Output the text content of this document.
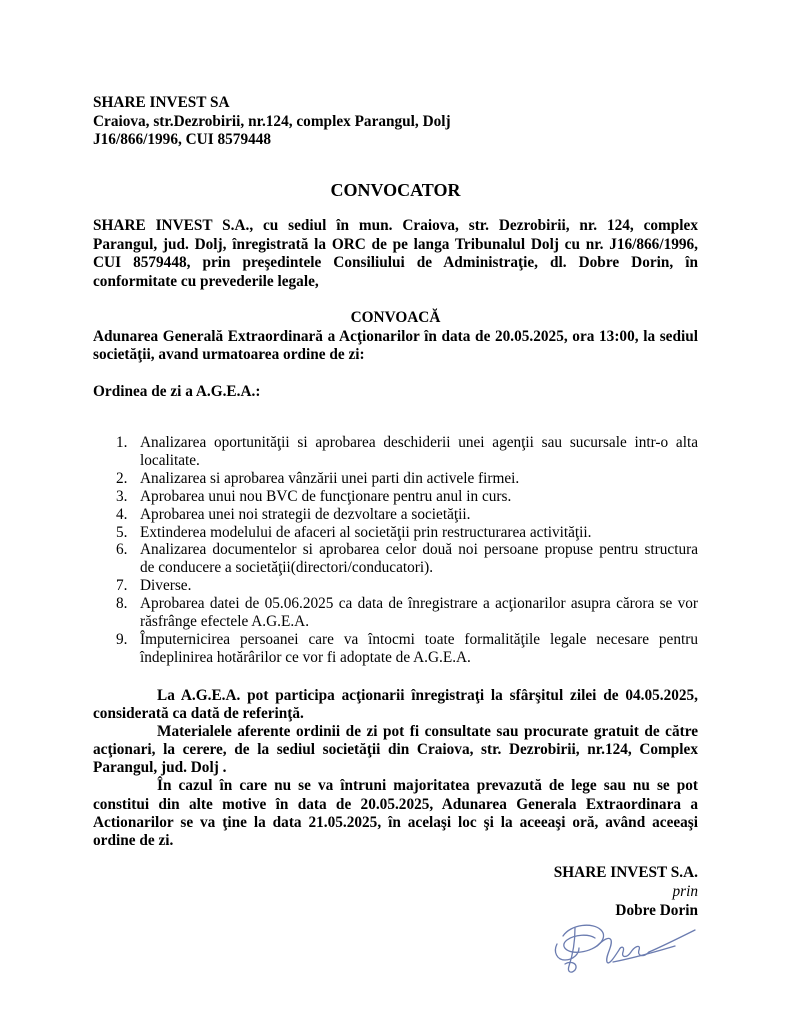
SHARE INVEST SA
Craiova, str.Dezrobirii, nr.124, complex Parangul, Dolj
J16/866/1996, CUI 8579448
CONVOCATOR
SHARE INVEST S.A., cu sediul în mun. Craiova, str. Dezrobirii, nr. 124, complex
Parangul, jud. Dolj, înregistrată la ORC de pe langa Tribunalul Dolj cu nr. J16/866/1996,
CUI 8579448, prin preşedintele Consiliului de Administraţie, dl. Dobre Dorin, în
conformitate cu prevederile legale,
CONVOACĂ
Adunarea Generală Extraordinară a Acţionarilor în data de 20.05.2025, ora 13:00, la sediul
societăţii, avand urmatoarea ordine de zi:
Ordinea de zi a A.G.E.A.:
1. Analizarea oportunităţii si aprobarea deschiderii unei agenţii sau sucursale intr-o alta
localitate.
2. Analizarea si aprobarea vânzării unei parti din activele firmei.
3. Aprobarea unui nou BVC de funcţionare pentru anul in curs.
4. Aprobarea unei noi strategii de dezvoltare a societăţii.
5. Extinderea modelului de afaceri al societăţii prin restructurarea activităţii.
6. Analizarea documentelor si aprobarea celor două noi persoane propuse pentru structura
de conducere a societăţii(directori/conducatori).
7. Diverse.
8. Aprobarea datei de 05.06.2025 ca data de înregistrare a acţionarilor asupra cărora se vor
răsfrânge efectele A.G.E.A.
9. Împuternicirea persoanei care va întocmi toate formalităţile legale necesare pentru
îndeplinirea hotărârilor ce vor fi adoptate de A.G.E.A.
La A.G.E.A. pot participa acţionarii înregistraţi la sfârşitul zilei de 04.05.2025,
considerată ca dată de referinţă.
Materialele aferente ordinii de zi pot fi consultate sau procurate gratuit de către
acţionari, la cerere, de la sediul societăţii din Craiova, str. Dezrobirii, nr.124, Complex
Parangul, jud. Dolj .
În cazul în care nu se va întruni majoritatea prevazută de lege sau nu se pot
constitui din alte motive în data de 20.05.2025, Adunarea Generala Extraordinara a
Actionarilor se va ţine la data 21.05.2025, în acelaşi loc şi la aceeaşi oră, având aceeaşi
ordine de zi.
SHARE INVEST S.A.
prin
Dobre Dorin
